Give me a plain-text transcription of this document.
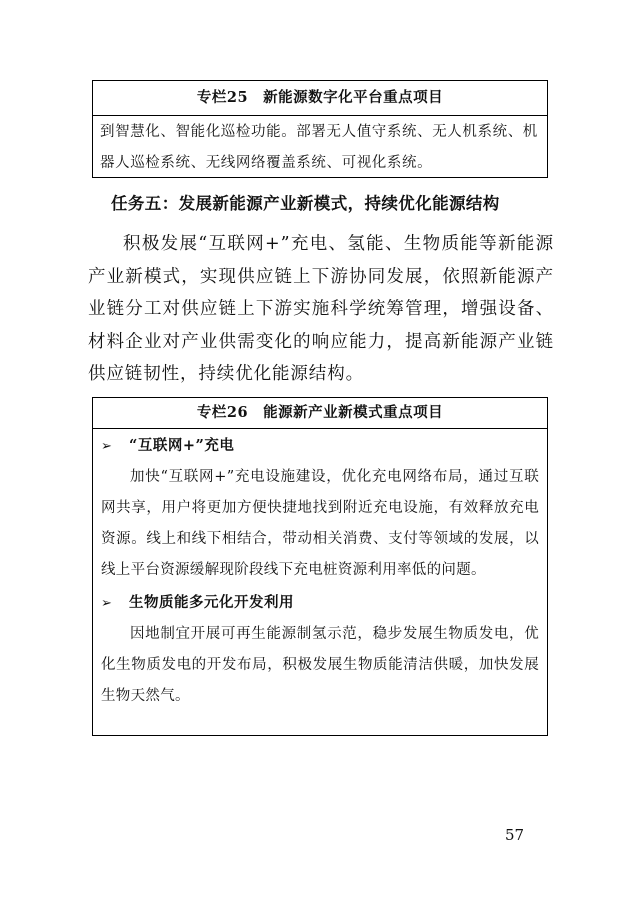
专栏25　新能源数字化平台重点项目
到智慧化、智能化巡检功能。部署无人值守系统、无人机系统、机器人巡检系统、无线网络覆盖系统、可视化系统。

任务五：发展新能源产业新模式，持续优化能源结构

积极发展“互联网+”充电、氢能、生物质能等新能源产业新模式，实现供应链上下游协同发展，依照新能源产业链分工对供应链上下游实施科学统筹管理，增强设备、材料企业对产业供需变化的响应能力，提高新能源产业链供应链韧性，持续优化能源结构。

专栏26　能源新产业新模式重点项目
➢ “互联网+”充电
加快“互联网+”充电设施建设，优化充电网络布局，通过互联网共享，用户将更加方便快捷地找到附近充电设施，有效释放充电资源。线上和线下相结合，带动相关消费、支付等领域的发展，以线上平台资源缓解现阶段线下充电桩资源利用率低的问题。
➢ 生物质能多元化开发利用
因地制宜开展可再生能源制氢示范，稳步发展生物质发电，优化生物质发电的开发布局，积极发展生物质能清洁供暖，加快发展生物天然气。

57
